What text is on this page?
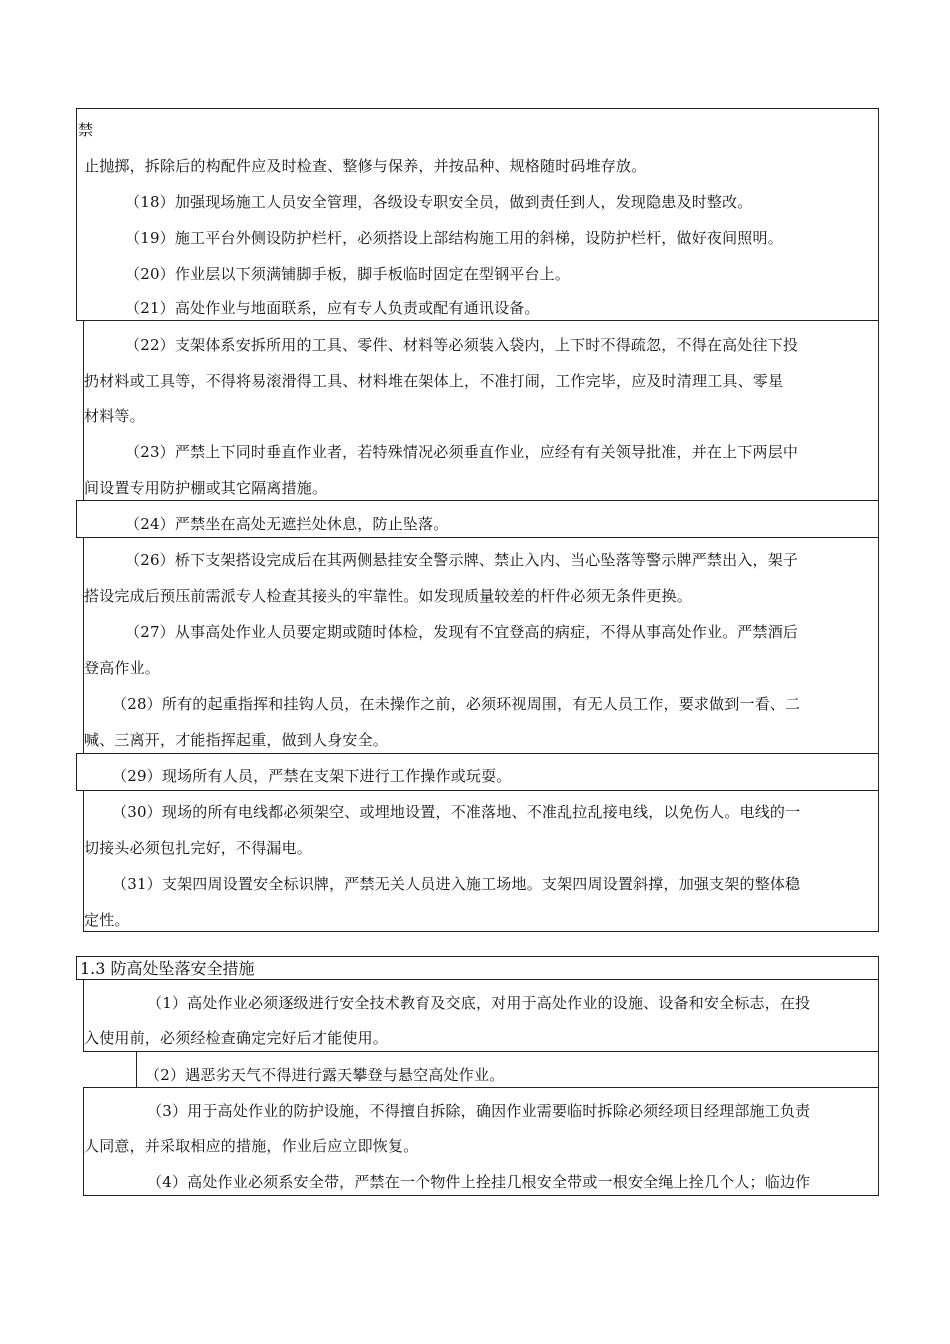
禁
止抛掷，拆除后的构配件应及时检查、整修与保养，并按品种、规格随时码堆存放。
（18）加强现场施工人员安全管理，各级设专职安全员，做到责任到人，发现隐患及时整改。
（19）施工平台外侧设防护栏杆，必须搭设上部结构施工用的斜梯，设防护栏杆，做好夜间照明。
（20）作业层以下须满铺脚手板，脚手板临时固定在型钢平台上。
（21）高处作业与地面联系，应有专人负责或配有通讯设备。
（22）支架体系安拆所用的工具、零件、材料等必须装入袋内，上下时不得疏忽，不得在高处往下投
扔材料或工具等，不得将易滚滑得工具、材料堆在架体上，不准打闹，工作完毕，应及时清理工具、零星
材料等。
（23）严禁上下同时垂直作业者，若特殊情况必须垂直作业，应经有有关领导批准，并在上下两层中
间设置专用防护棚或其它隔离措施。
（24）严禁坐在高处无遮拦处休息，防止坠落。
（26）桥下支架搭设完成后在其两侧悬挂安全警示牌、禁止入内、当心坠落等警示牌严禁出入，架子
搭设完成后预压前需派专人检查其接头的牢靠性。如发现质量较差的杆件必须无条件更换。
（27）从事高处作业人员要定期或随时体检，发现有不宜登高的病症，不得从事高处作业。严禁酒后
登高作业。
（28）所有的起重指挥和挂钩人员，在未操作之前，必须环视周围，有无人员工作，要求做到一看、二
喊、三离开，才能指挥起重，做到人身安全。
（29）现场所有人员，严禁在支架下进行工作操作或玩耍。
（30）现场的所有电线都必须架空、或埋地设置，不准落地、不准乱拉乱接电线，以免伤人。电线的一
切接头必须包扎完好，不得漏电。
（31）支架四周设置安全标识牌，严禁无关人员进入施工场地。支架四周设置斜撑，加强支架的整体稳
定性。
1.3 防高处坠落安全措施
（1）高处作业必须逐级进行安全技术教育及交底，对用于高处作业的设施、设备和安全标志，在投
入使用前，必须经检查确定完好后才能使用。
（2）遇恶劣天气不得进行露天攀登与悬空高处作业。
（3）用于高处作业的防护设施，不得擅自拆除，确因作业需要临时拆除必须经项目经理部施工负责
人同意，并采取相应的措施，作业后应立即恢复。
（4）高处作业必须系安全带，严禁在一个物件上拴挂几根安全带或一根安全绳上拴几个人；临边作
